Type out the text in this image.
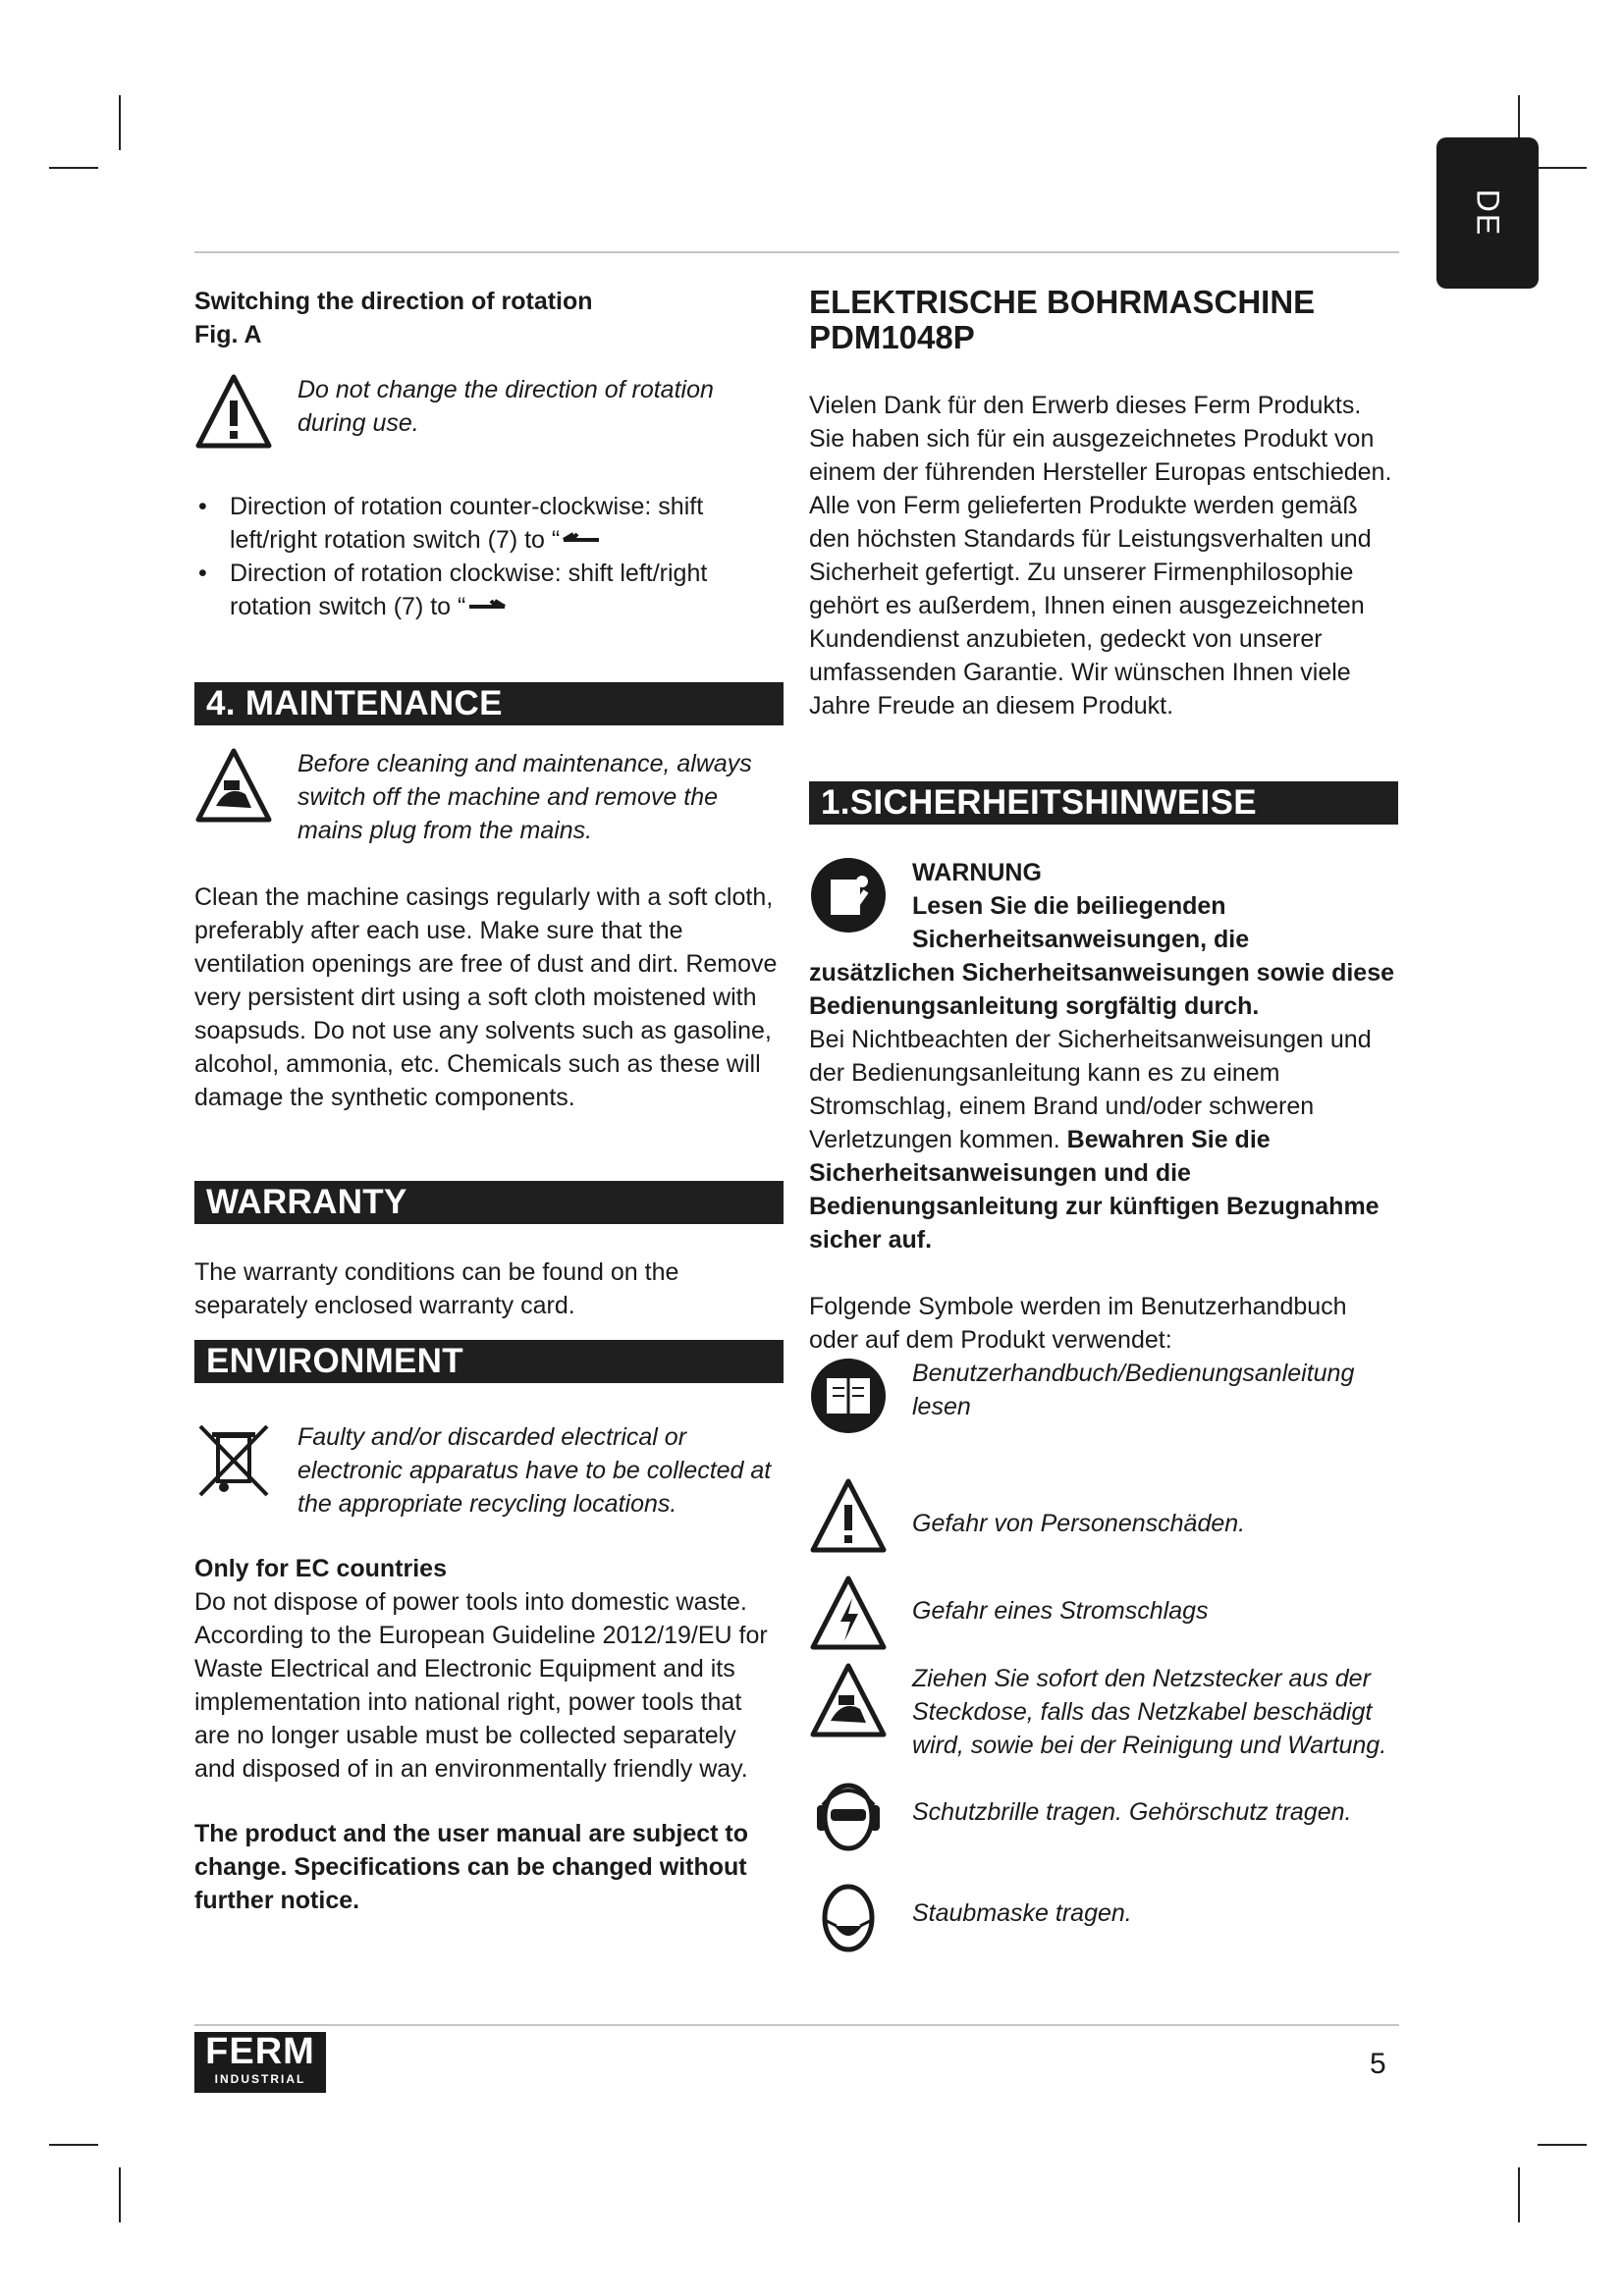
DE

Switching the direction of rotation

Fig. A

Do not change the direction of rotation during use.
• Direction of rotation counter-clockwise: shift left/right rotation switch (7) to “
• Direction of rotation clockwise: shift left/right rotation switch (7) to “
4. MAINTENANCE
Before cleaning and maintenance, always switch off the machine and remove the mains plug from the mains.

Clean the machine casings regularly with a soft cloth, preferably after each use. Make sure that the ventilation openings are free of dust and dirt. Remove very persistent dirt using a soft cloth moistened with soapsuds. Do not use any solvents such as gasoline, alcohol, ammonia, etc. Chemicals such as these will damage the synthetic components.

WARRANTY

The warranty conditions can be found on the separately enclosed warranty card.

ENVIRONMENT
Faulty and/or discarded electrical or electronic apparatus have to be collected at the appropriate recycling locations.

Only for EC countries

Do not dispose of power tools into domestic waste. According to the European Guideline 2012/19/EU for Waste Electrical and Electronic Equipment and its implementation into national right, power tools that are no longer usable must be collected separately and disposed of in an environmentally friendly way.

The product and the user manual are subject to change. Specifications can be changed without further notice.

ELEKTRISCHE BOHRMASCHINE

PDM1048P

Vielen Dank für den Erwerb dieses Ferm Produkts. Sie haben sich für ein ausgezeichnetes Produkt von einem der führenden Hersteller Europas entschieden. Alle von Ferm gelieferten Produkte werden gemäß den höchsten Standards für Leistungsverhalten und Sicherheit gefertigt. Zu unserer Firmenphilosophie gehört es außerdem, Ihnen einen ausgezeichneten Kundendienst anzubieten, gedeckt von unserer umfassenden Garantie. Wir wünschen Ihnen viele Jahre Freude an diesem Produkt.

1.SICHERHEITSHINWEISE

WARNUNG

Lesen Sie die beiliegenden Sicherheitsanweisungen, die zusätzlichen Sicherheitsanweisungen sowie diese Bedienungsanleitung sorgfältig durch.

Bei Nichtbeachten der Sicherheitsanweisungen und der Bedienungsanleitung kann es zu einem Stromschlag, einem Brand und/oder schweren Verletzungen kommen. Bewahren Sie die Sicherheitsanweisungen und die Bedienungsanleitung zur künftigen Bezugnahme sicher auf.

Folgende Symbole werden im Benutzerhandbuch oder auf dem Produkt verwendet:

Benutzerhandbuch/Bedienungsanleitung lesen
Gefahr von Personenschäden.
Gefahr eines Stromschlags
Ziehen Sie sofort den Netzstecker aus der Steckdose, falls das Netzkabel beschädigt wird, sowie bei der Reinigung und Wartung.
Schutzbrille tragen. Gehörschutz tragen.
Staubmaske tragen.
FERM
INDUSTRIAL	5
